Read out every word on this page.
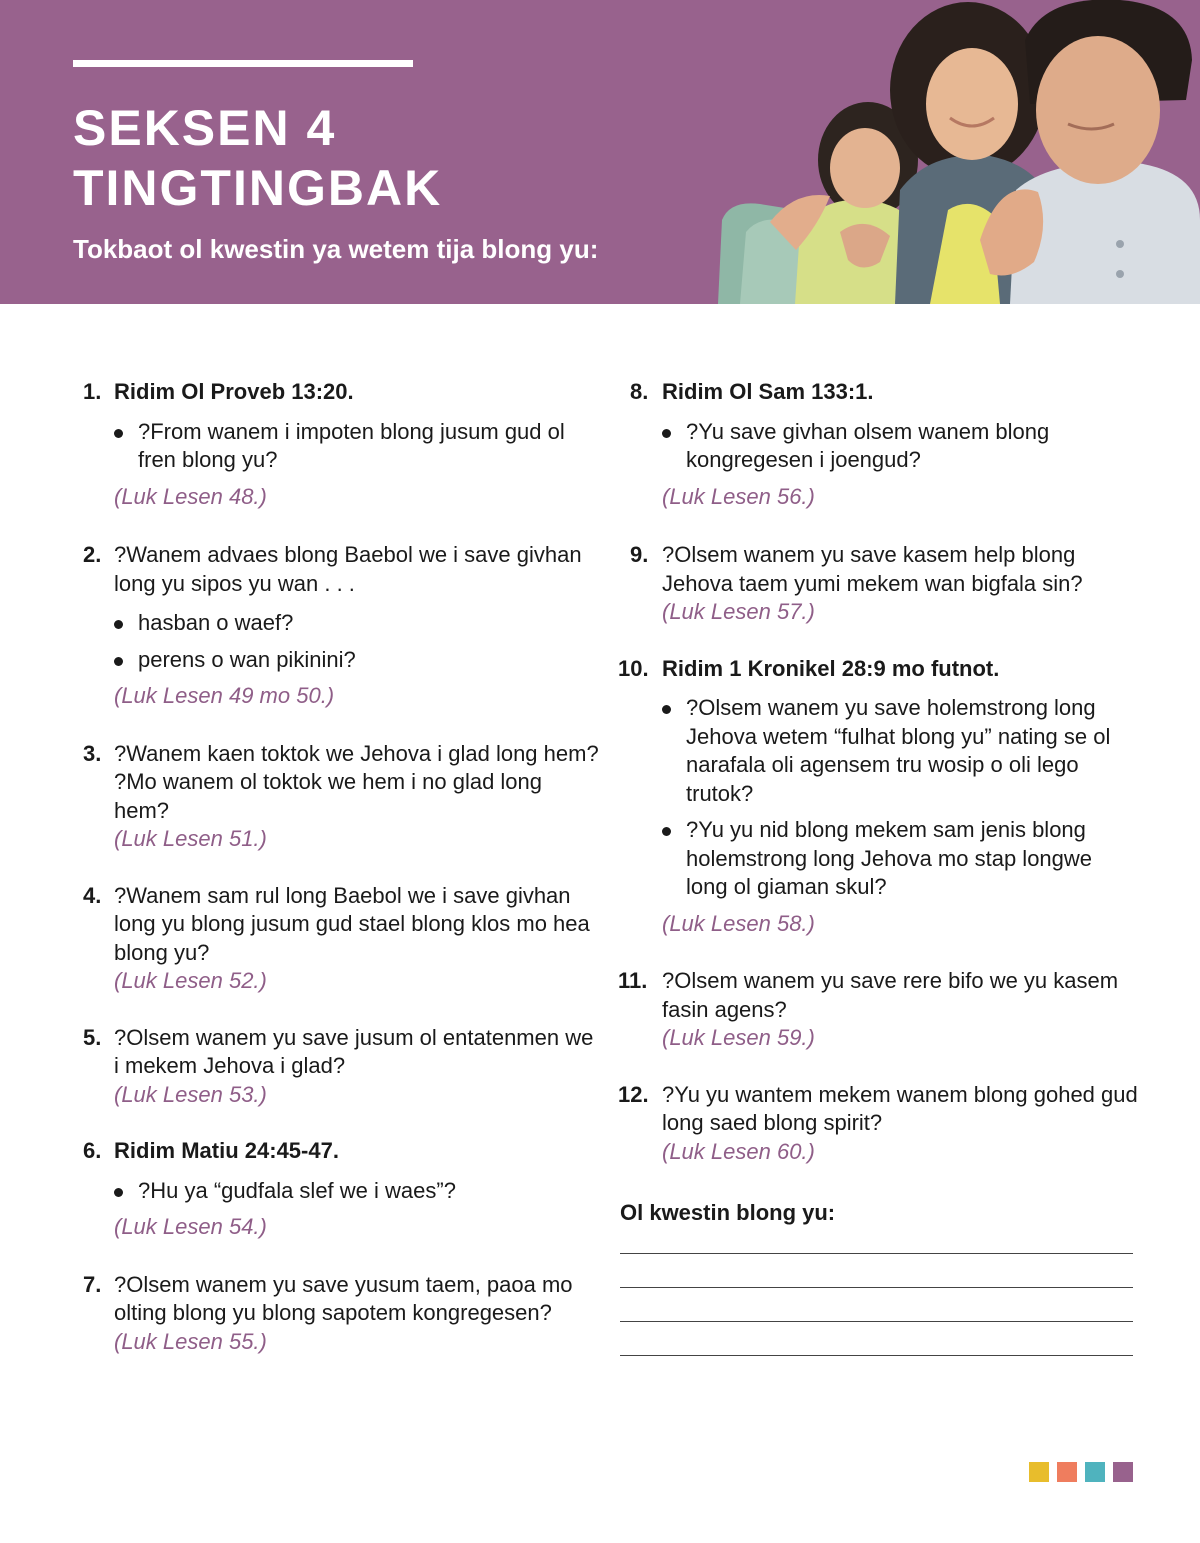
SEKSEN 4
TINGTINGBAK
Tokbaot ol kwestin ya wetem tija blong yu:
1. Ridim Ol Proveb 13:20.
?From wanem i impoten blong jusum gud ol fren blong yu?
(Luk Lesen 48.)
2. ?Wanem advaes blong Baebol we i save givhan long yu sipos yu wan . . .
hasban o waef?
perens o wan pikinini?
(Luk Lesen 49 mo 50.)
3. ?Wanem kaen toktok we Jehova i glad long hem? ?Mo wanem ol toktok we hem i no glad long hem?
(Luk Lesen 51.)
4. ?Wanem sam rul long Baebol we i save givhan long yu blong jusum gud stael blong klos mo hea blong yu?
(Luk Lesen 52.)
5. ?Olsem wanem yu save jusum ol entatenmen we i mekem Jehova i glad?
(Luk Lesen 53.)
6. Ridim Matiu 24:45-47.
?Hu ya “gudfala slef we i waes”?
(Luk Lesen 54.)
7. ?Olsem wanem yu save yusum taem, paoa mo olting blong yu blong sapotem kongregesen?
(Luk Lesen 55.)
8. Ridim Ol Sam 133:1.
?Yu save givhan olsem wanem blong kongregesen i joengud?
(Luk Lesen 56.)
9. ?Olsem wanem yu save kasem help blong Jehova taem yumi mekem wan bigfala sin?
(Luk Lesen 57.)
10. Ridim 1 Kronikel 28:9 mo futnot.
?Olsem wanem yu save holemstrong long Jehova wetem “fulhat blong yu” nating se ol narafala oli agensem tru wosip o oli lego trutok?
?Yu yu nid blong mekem sam jenis blong holemstrong long Jehova mo stap longwe long ol giaman skul?
(Luk Lesen 58.)
11. ?Olsem wanem yu save rere bifo we yu kasem fasin agens?
(Luk Lesen 59.)
12. ?Yu yu wantem mekem wanem blong gohed gud long saed blong spirit?
(Luk Lesen 60.)
Ol kwestin blong yu:
